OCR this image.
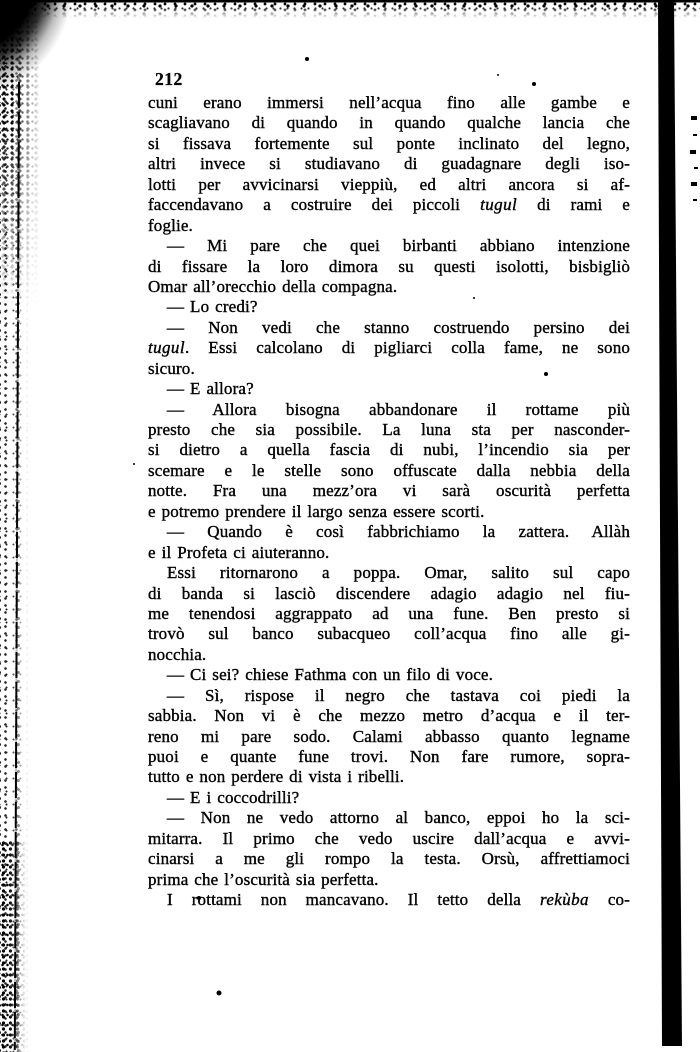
212
cuni erano immersi nell’acqua fino alle gambe e
scagliavano di quando in quando qualche lancia che
si fissava fortemente sul ponte inclinato del legno,
altri invece si studiavano di guadagnare degli iso-
lotti per avvicinarsi vieppiù, ed altri ancora si af-
faccendavano a costruire dei piccoli tugul di rami e
foglie.
— Mi pare che quei birbanti abbiano intenzione
di fissare la loro dimora su questi isolotti, bisbigliò
Omar all’orecchio della compagna.
— Lo credi?
— Non vedi che stanno costruendo persino dei
tugul. Essi calcolano di pigliarci colla fame, ne sono
sicuro.
— E allora?
— Allora bisogna abbandonare il rottame più
presto che sia possibile. La luna sta per nasconder-
si dietro a quella fascia di nubi, l’incendio sia per
scemare e le stelle sono offuscate dalla nebbia della
notte. Fra una mezz’ora vi sarà oscurità perfetta
e potremo prendere il largo senza essere scorti.
— Quando è così fabbrichiamo la zattera. Allàh
e il Profeta ci aiuteranno.
Essi ritornarono a poppa. Omar, salito sul capo
di banda si lasciò discendere adagio adagio nel fiu-
me tenendosi aggrappato ad una fune. Ben presto si
trovò sul banco subacqueo coll’acqua fino alle gi-
nocchia.
— Ci sei? chiese Fathma con un filo di voce.
— Sì, rispose il negro che tastava coi piedi la
sabbia. Non vi è che mezzo metro d’acqua e il ter-
reno mi pare sodo. Calami abbasso quanto legname
puoi e quante fune trovi. Non fare rumore, sopra-
tutto e non perdere di vista i ribelli.
— E i coccodrilli?
— Non ne vedo attorno al banco, eppoi ho la sci-
mitarra. Il primo che vedo uscire dall’acqua e avvi-
cinarsi a me gli rompo la testa. Orsù, affrettiamoci
prima che l’oscurità sia perfetta.
I rottami non mancavano. Il tetto della rekùba co-
